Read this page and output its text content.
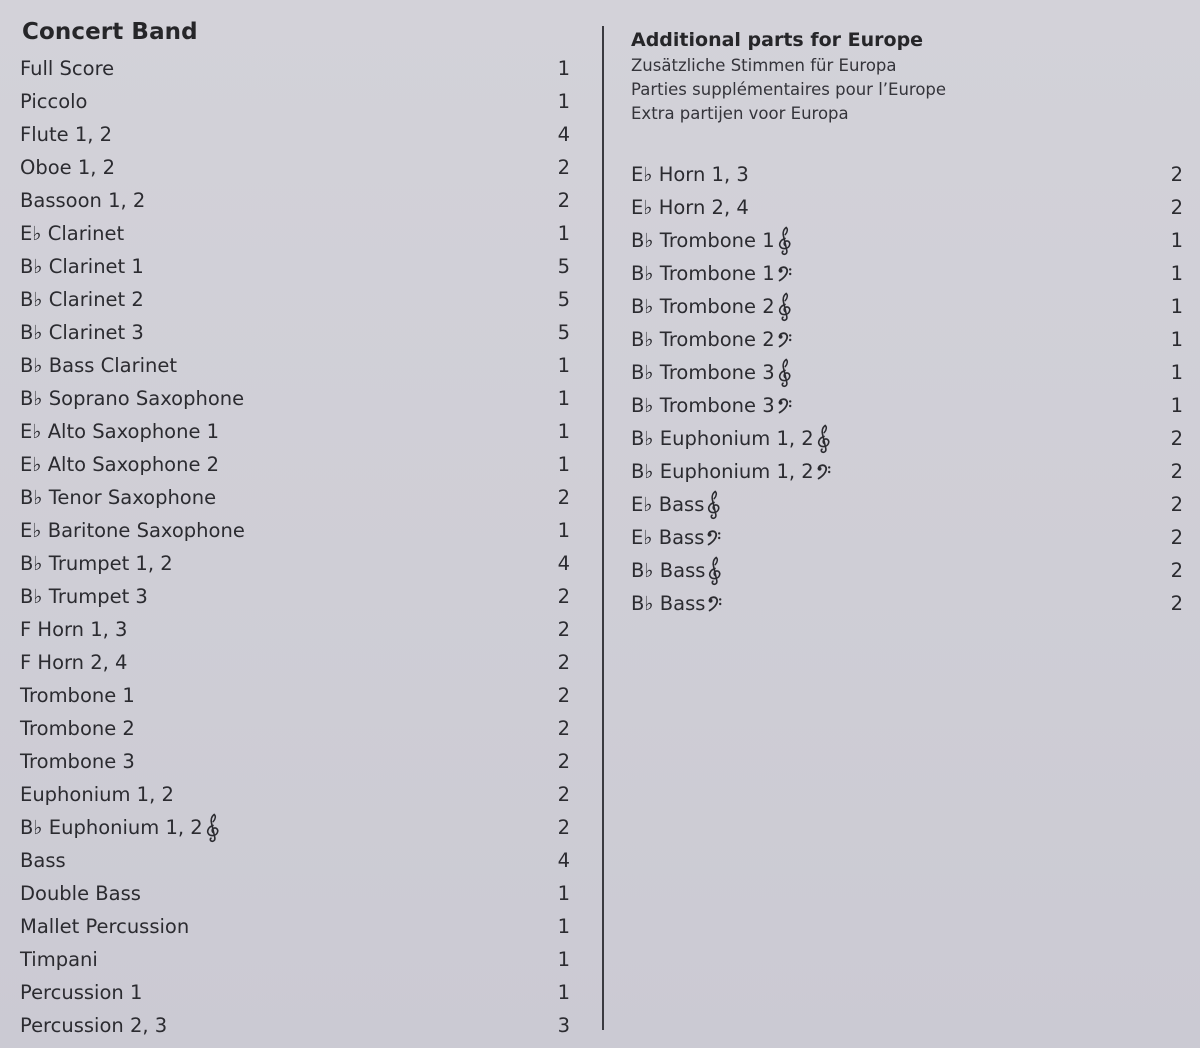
Concert Band
Full Score	1
Piccolo	1
Flute 1, 2	4
Oboe 1, 2	2
Bassoon 1, 2	2
E♭ Clarinet	1
B♭ Clarinet 1	5
B♭ Clarinet 2	5
B♭ Clarinet 3	5
B♭ Bass Clarinet	1
B♭ Soprano Saxophone	1
E♭ Alto Saxophone 1	1
E♭ Alto Saxophone 2	1
B♭ Tenor Saxophone	2
E♭ Baritone Saxophone	1
B♭ Trumpet 1, 2	4
B♭ Trumpet 3	2
F Horn 1, 3	2
F Horn 2, 4	2
Trombone 1	2
Trombone 2	2
Trombone 3	2
Euphonium 1, 2	2
B♭ Euphonium 1, 2	2
Bass	4
Double Bass	1
Mallet Percussion	1
Timpani	1
Percussion 1	1
Percussion 2, 3	3
Additional parts for Europe
Zusätzliche Stimmen für Europa
Parties supplémentaires pour l’Europe
Extra partijen voor Europa
E♭ Horn 1, 3	2
E♭ Horn 2, 4	2
B♭ Trombone 1	1
B♭ Trombone 1	1
B♭ Trombone 2	1
B♭ Trombone 2	1
B♭ Trombone 3	1
B♭ Trombone 3	1
B♭ Euphonium 1, 2	2
B♭ Euphonium 1, 2	2
E♭ Bass	2
E♭ Bass	2
B♭ Bass	2
B♭ Bass	2
